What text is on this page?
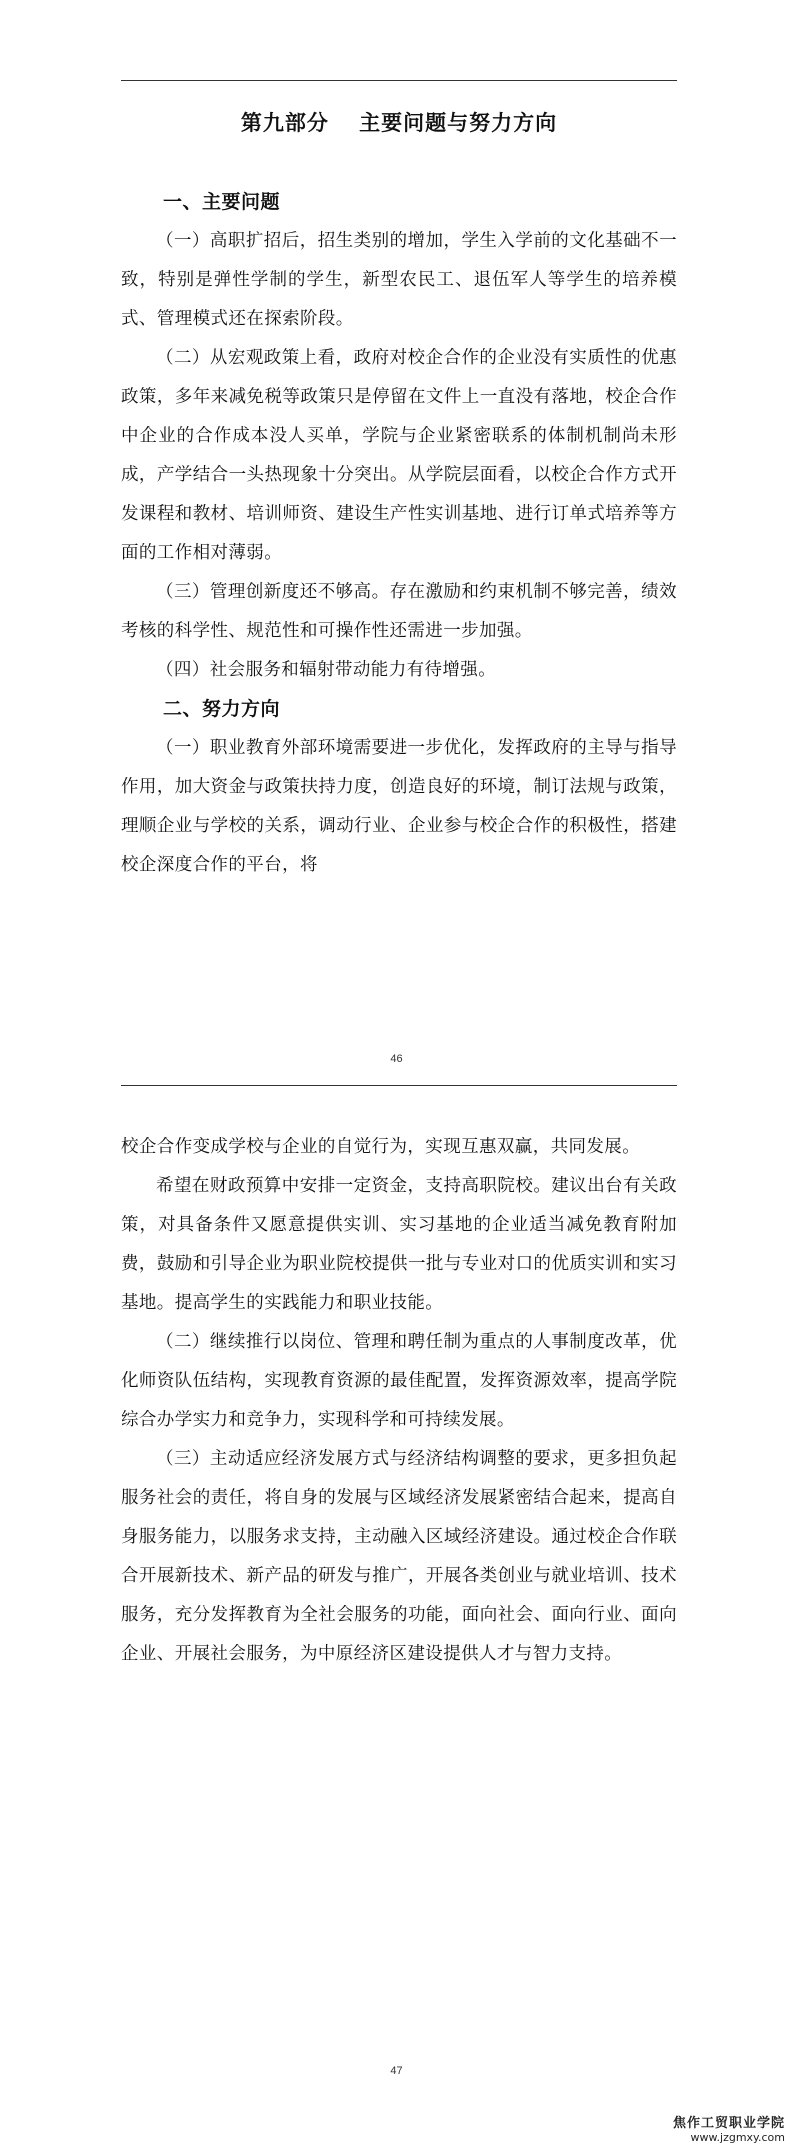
第九部分　 主要问题与努力方向
一、主要问题

（一）高职扩招后，招生类别的增加，学生入学前的文化基础不一致，特别是弹性学制的学生，新型农民工、退伍军人等学生的培养模式、管理模式还在探索阶段。

（二）从宏观政策上看，政府对校企合作的企业没有实质性的优惠政策，多年来减免税等政策只是停留在文件上一直没有落地，校企合作中企业的合作成本没人买单，学院与企业紧密联系的体制机制尚未形成，产学结合一头热现象十分突出。从学院层面看，以校企合作方式开发课程和教材、培训师资、建设生产性实训基地、进行订单式培养等方面的工作相对薄弱。

（三）管理创新度还不够高。存在激励和约束机制不够完善，绩效考核的科学性、规范性和可操作性还需进一步加强。

（四）社会服务和辐射带动能力有待增强。

二、努力方向

（一）职业教育外部环境需要进一步优化，发挥政府的主导与指导作用，加大资金与政策扶持力度，创造良好的环境，制订法规与政策，理顺企业与学校的关系，调动行业、企业参与校企合作的积极性，搭建校企深度合作的平台，将

46

校企合作变成学校与企业的自觉行为，实现互惠双赢，共同发展。

希望在财政预算中安排一定资金，支持高职院校。建议出台有关政策，对具备条件又愿意提供实训、实习基地的企业适当减免教育附加费，鼓励和引导企业为职业院校提供一批与专业对口的优质实训和实习基地。提高学生的实践能力和职业技能。

（二）继续推行以岗位、管理和聘任制为重点的人事制度改革，优化师资队伍结构，实现教育资源的最佳配置，发挥资源效率，提高学院综合办学实力和竞争力，实现科学和可持续发展。

（三）主动适应经济发展方式与经济结构调整的要求，更多担负起服务社会的责任，将自身的发展与区域经济发展紧密结合起来，提高自身服务能力，以服务求支持，主动融入区域经济建设。通过校企合作联合开展新技术、新产品的研发与推广，开展各类创业与就业培训、技术服务，充分发挥教育为全社会服务的功能，面向社会、面向行业、面向企业、开展社会服务，为中原经济区建设提供人才与智力支持。

47
焦作工贸职业学院
www.jzgmxy.com
